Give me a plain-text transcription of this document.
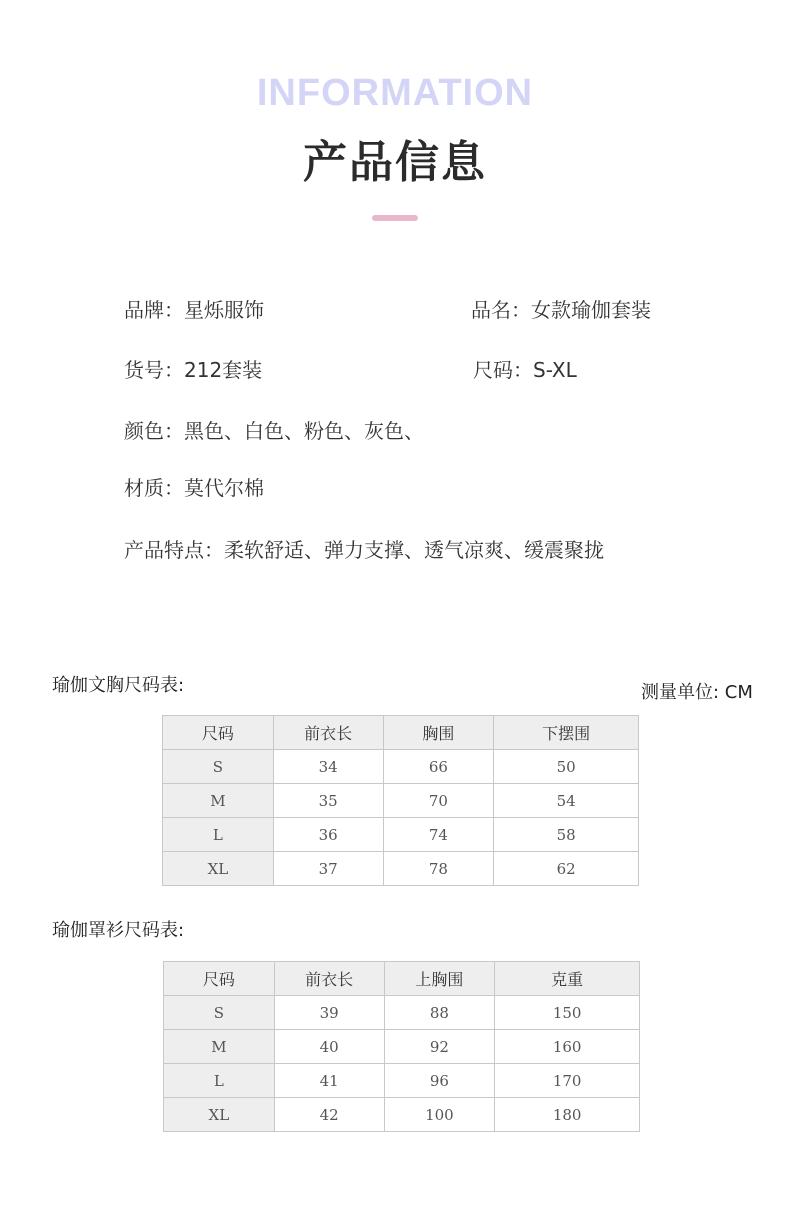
INFORMATION
产品信息
品牌：星烁服饰	品名：女款瑜伽套装
货号：212套装	尺码：S-XL
颜色：黑色、白色、粉色、灰色、
材质：莫代尔棉
产品特点：柔软舒适、弹力支撑、透气凉爽、缓震聚拢
瑜伽文胸尺码表:	测量单位: CM
尺码	前衣长	胸围	下摆围
S	34	66	50
M	35	70	54
L	36	74	58
XL	37	78	62
瑜伽罩衫尺码表:
尺码	前衣长	上胸围	克重
S	39	88	150
M	40	92	160
L	41	96	170
XL	42	100	180
